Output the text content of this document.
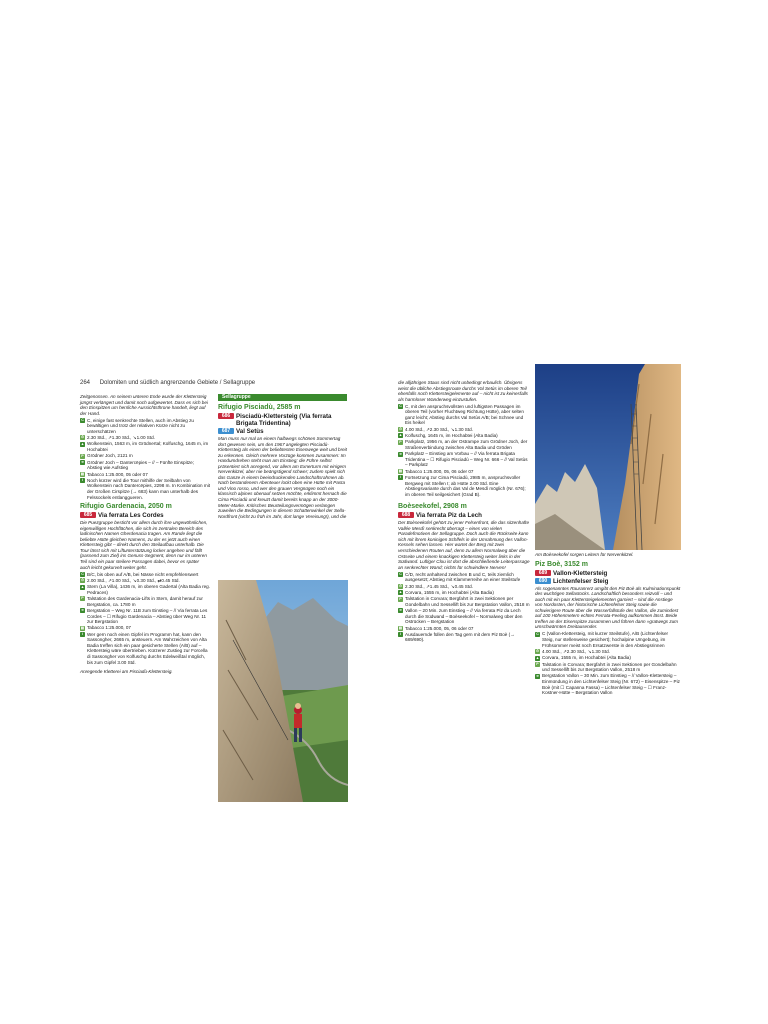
264 Dolomiten und südlich angrenzende Gebiete / Sellagruppe

Zeitgenossen. An seinem unteren Ende wurde der Klettersteig jüngst verlängert und damit noch aufgewertet. Dass es sich bei den Einspitzen um herrliche Aussichtsthrone handelt, liegt auf der Hand.

C C, einige fast senkrechte Stellen, auch im Abstieg zu bewältigen und trotz der relativen Kürze nicht zu unterschätzen
⏱ 2.30 Std., ↗1.30 Std., ↘1.00 Std.
▲ Wolkenstein, 1563 m, im Grödnertal; Kolfuschg, 1645 m, im Hochabtei
P Grödner Joch, 2121 m
➜ Grödner Joch – Dantercëpies – // – Fünfte Einspitze; Abstieg wie Aufstieg
▤ Tabacco 1:25.000, 05 oder 07
i Noch kürzer wird die Tour mithilfe der Seilbahn von Wolkenstein nach Dantercëpies, 2298 m. In Kombination mit der Großen Cirspitze (→ 683) kann man unterhalb des Felssockels entlanggueren.
Rifugio Gardenacia, 2050 m
685 Via ferrata Les Cordes

Die Puezgruppe besticht vor allem durch ihre ungewöhnlichen, eigenwilligen Hochflächen, die sich im zentralen Bereich des ladinischen Namen Gherdenacia tragen. Am Rande liegt die beliebte Hütte gleichen Namens, zu der es jetzt auch einen Klettersteig gibt – direkt durch den Steilaufbau unterhalb. Die Tour lässt sich mit Liftunterstützung locker angehen und fällt (passend zum Ziel) ins Genuss-Segment, denn nur im unteren Teil sind ein paar steilere Passagen dabei, bevor es später auch leicht gekurvelt weiter geht.

C B/C, bis oben auf A/B, bei Nässe nicht empfehlenswert
⏱ 2.00 Std., ↗1.00 Std., ↘0.30 Std., ⇄0.45 Std.
▲ Stern (La Villa), 1436 m, im oberen Gadertal (Alta Badia reg. Pedraces)
P Talstation des Gardenacia-Lifts in Stern, damit herauf zur Bergstation, ca. 1780 m
➜ Bergstation – Weg Nr. 11B zum Einstieg – // Via ferrata Les Cordes – ☐ Rifugio Gardenacia – Abstieg über Weg Nr. 11 zur Bergstation
▤ Tabacco 1:25.000, 07
i Wer gern noch einen Gipfel im Programm hat, kann den Sassongher, 2665 m, ansteuern. Am Wahrzeichen von Alta Badia treffen sich ein paar gesicherte Stellen (A/B) auf – Klettersteig wäre übertrieben. Kürzerer Zustieg zur Forcella di Sassongher von Kolfuschg durchs Edelweißtal möglich, bis zum Gipfel 3.00 Std.

Anregende Kletterei am Pisciadù-Klettersteig.

Sellagruppe
Rifugio Pisciadù, 2585 m
686 Pisciadù-Klettersteig (Via ferrata Brigata Tridentina)
687 Val Setùs

Man muss nur mal an einem halbwegs schönen Sommertag dort gewesen sein, um den 1967 angelegten Pisciadù-Klettersteig als einen der beliebtesten Eisenwege weit und breit zu erkennen. Gleich mehrere Vorzüge kommen zusammen: Im Handumdrehen steht man am Einstieg; die Führe selbst präsentiert sich anregend, vor allem am Exnerturm mit einigem Nervenkitzel, aber nie beängstigend schwer; zudem spielt sich das Ganze in einem beeindruckenden Landschaftsrahmen ab. Nach bestandenem Abenteuer lockt oben eine Hütte mit Pasta und Vino rosso, und wer den grauen Vergnügen noch ein klassisch alpines obenauf setzen möchte, erklimmt hernach die Cima Pisciadù und kreuzt damit bereits knapp an der 3000-Meter-Marke. Kritisches Beurteilungsvermögen verlangen zuweilen die Bedingungen in diesem Schattenwinkel der Sella-Nordfront (nicht zu früh im Jahr, dort lange Vereisung!), und die

die alljährigen Staus sind nicht unbedingt erbaulich. Übrigens weist die übliche Abstiegsroute durchs Val Setùs im oberen Teil ebenfalls noch Klettersteigelemente auf – nicht ist zu keinesfalls als harmloser Wanderweg einzustufen.

C C, mit den anspruchsvollsten und luftigsten Passagen im oberen Teil (vorher Fluchtweg Richtung Hütte), aber selten ganz leicht; Abstieg durchs Val Setùs A/B; bei Schnee und Eis heikel
⏱ 4.00 Std., ↗2.30 Std., ↘1.30 Std.
▲ Kolfuschg, 1645 m, im Hochabtei (Alta Badia)
P Parkplatz, 1956 m, an der Ostrampe zum Grödner Joch, der Straßenverbindung zwischen Alta Badia und Gröden
➜ Parkplatz – Einstieg am Vorbau – // Via ferrata Brigata Tridentina – ☐ Rifugio Pisciadù – Weg Nr. 666 – // Val Setùs – Parkplatz
▤ Tabacco 1:25.000, 05, 06 oder 07
i Fortsetzung zur Cima Pisciadù, 2985 m, anspruchsvoller Bergweg mit Stellen I; ab Hütte 2.00 Std. Eine Abstiegsvariante durch das Val de Mesdì möglich (Nr. 676); im oberen Teil seilgesichert (Grad B).
Boèseekofel, 2908 m
688 Via ferrata Piz da Lech

Der Boèseekofel gehört zu jener Felsenfront, die das sitzenhafte Vallée Mesdì senkrecht überragt – eines von vielen Paradefmotiven der Sellagruppe. Doch auch die Rückseite kann sich mit ihrem koninigen Schlfels in der Umrahmung des Vallon-Kessels sehen lassen. Hier wartet der Berg mit zwei verschiedenen Routen auf, denn zu allem Normalweg über die Ostseite und einem knackigen Klettersteig weiter links in der Südwand. Luftiger Clou ist dort die abschließende Leiterpassage an senkrechter Wand; nichts für schwindlere Nerven!

C C/D, recht anhaltend zwischen B und C, teils ziemlich ausgesetzt; Abstieg mit Klammerreihe an einer Steilstufe
⏱ 2.30 Std., ↗1.45 Std., ↘0.45 Std.
▲ Corvara, 1555 m, im Hochabtei (Alta Badia)
P Talstation in Corvara; Bergfahrt in zwei Sektionen per Gondelbahn und Sessellift bis zur Bergstation Vallon, 2518 m
➜ Vallon – 20 Min. zum Einstieg – // Via ferrata Piz da Lech durch die Südwand – Boèseekofel – Normalweg über den Ostrücken – Bergstation
▤ Tabacco 1:25.000, 05, 06 oder 07
i Ausdauernde füllen den Tag gern mit dem Piz Boè (→ 689/690).

Am Boèseekofel sorgen Leitern für Nervenkitzel.

Piz Boè, 3152 m
689 Vallon-Klettersteig
690 Lichtenfelser Steig

Als sogenanntes Rauranrerz umgibt den Piz Boè als Kulminationspunkt des wuchtigen Sellastocks. Landschaftlich besonders reizvoll – und auch mit ein paar Klettersteigelementen garniert – sind die Anstiege von Nordosten, der historische Lichtenfelser Steig sowie die schwierigere Route über die Wasserfallstufe des Vallon, die zumindest auf 100 Höhenmetern echtes Ferrata-Feeling aufkommen lässt. Beide treffen an der Eisenspitze zusammen und führen dann »gratwegs zum umschwärmten Dreitausender.

C C (Vallon-Klettersteig, mit kurzer Steilstufe), A/B (Lichtenfelser Steig, nur stellenweise gesichert); hochalpine Umgebung, im Frühsommer meist noch Ersatzwerste in den Abstiegsrinnen
⏱ 4.00 Std., ↗2.30 Std., ↘1.30 Std.
▲ Corvara, 1555 m, im Hochabtei (Alta Badia)
P Talstation in Corvara; Bergfahrt in zwei Sektionen per Gondelbahn und Sessellift bis zur Bergstation Vallon, 2518 m
➜ Bergstation Vallon – 30 Min. zum Einstieg – // Vallon-Klettersteig – Einmündung in den Lichtenfelser Steig (Nr. 672) – Eisenspitze – Piz Boè (mit ☐ Capanna Fassa) – Lichtenfelser Steig – ☐ Franz-Kostner-Hütte – Bergstation Vallon
